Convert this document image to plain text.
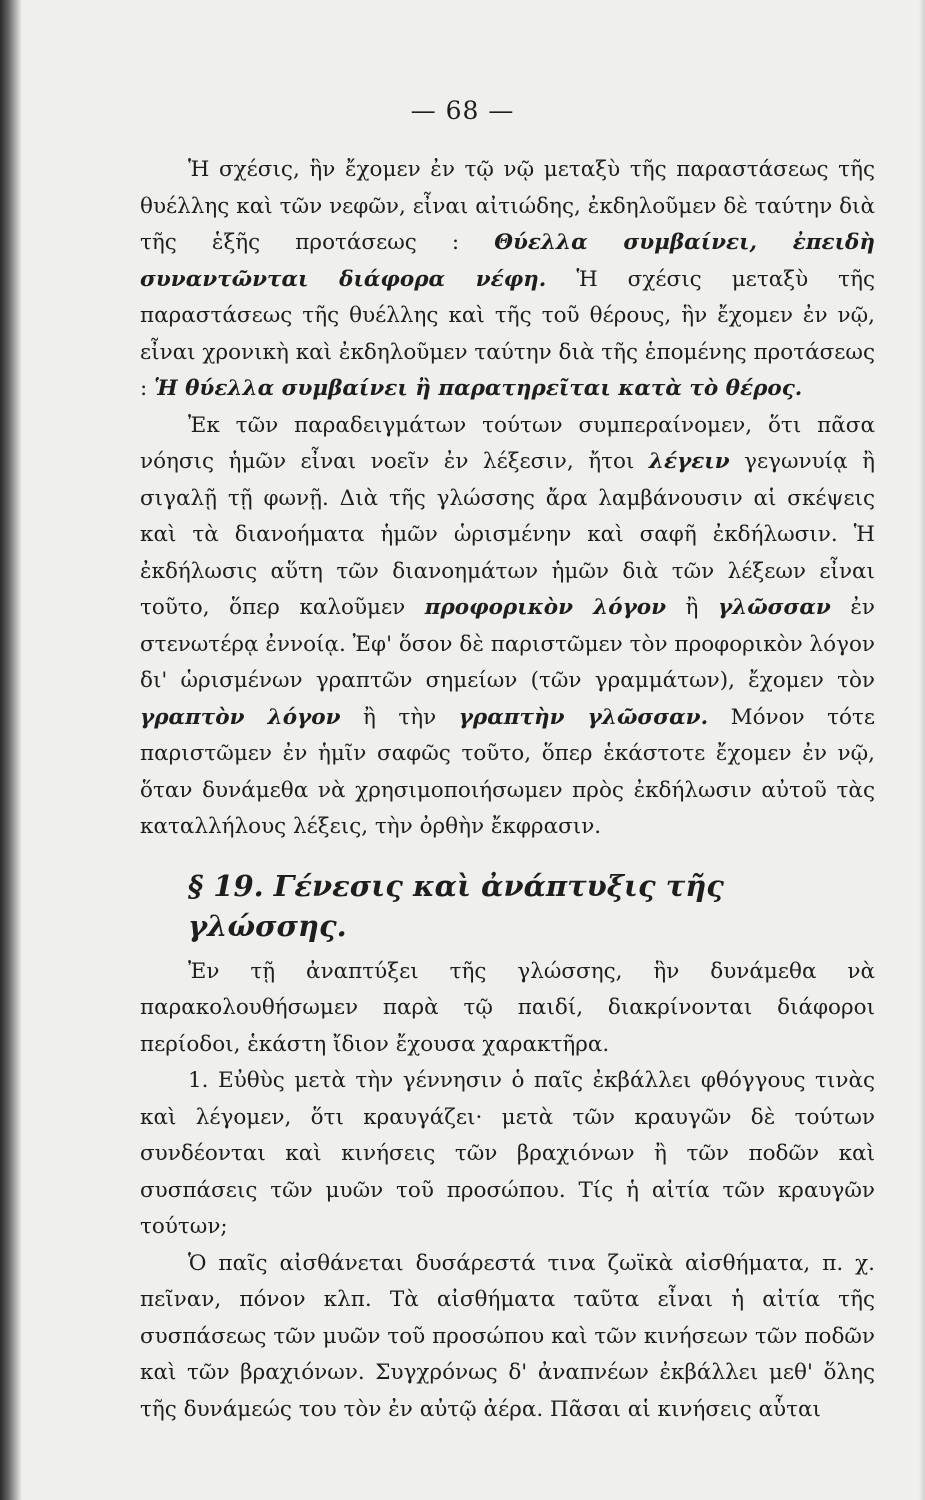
— 68 —

Ἡ σχέσις, ἣν ἔχομεν ἐν τῷ νῷ μεταξὺ τῆς παραστάσεως τῆς θυέλλης καὶ τῶν νεφῶν, εἶναι αἰτιώδης, ἐκδηλοῦμεν δὲ ταύτην διὰ τῆς ἑξῆς προτάσεως : Θύελλα συμβαίνει, ἐπειδὴ συναντῶνται διάφορα νέφη. Ἡ σχέσις μεταξὺ τῆς παραστάσεως τῆς θυέλλης καὶ τῆς τοῦ θέρους, ἣν ἔχομεν ἐν νῷ, εἶναι χρονικὴ καὶ ἐκδηλοῦμεν ταύτην διὰ τῆς ἑπομένης προτάσεως : Ἡ θύελλα συμβαίνει ἢ παρατηρεῖται κατὰ τὸ θέρος.

Ἐκ τῶν παραδειγμάτων τούτων συμπεραίνομεν, ὅτι πᾶσα νόησις ἡμῶν εἶναι νοεῖν ἐν λέξεσιν, ἤτοι λέγειν γεγωνυίᾳ ἢ σιγαλῇ τῇ φωνῇ. Διὰ τῆς γλώσσης ἄρα λαμβάνουσιν αἱ σκέψεις καὶ τὰ διανοήματα ἡμῶν ὡρισμένην καὶ σαφῆ ἐκδήλωσιν. Ἡ ἐκδήλωσις αὕτη τῶν διανοημάτων ἡμῶν διὰ τῶν λέξεων εἶναι τοῦτο, ὅπερ καλοῦμεν προφορικὸν λόγον ἢ γλῶσσαν ἐν στενωτέρᾳ ἐννοίᾳ. Ἐφ' ὅσον δὲ παριστῶμεν τὸν προφορικὸν λόγον δι' ὡρισμένων γραπτῶν σημείων (τῶν γραμμάτων), ἔχομεν τὸν γραπτὸν λόγον ἢ τὴν γραπτὴν γλῶσσαν. Μόνον τότε παριστῶμεν ἐν ἡμῖν σαφῶς τοῦτο, ὅπερ ἑκάστοτε ἔχομεν ἐν νῷ, ὅταν δυνάμεθα νὰ χρησιμοποιήσωμεν πρὸς ἐκδήλωσιν αὐτοῦ τὰς καταλλήλους λέξεις, τὴν ὀρθὴν ἔκφρασιν.

§ 19. Γένεσις καὶ ἀνάπτυξις τῆς γλώσσης.

Ἐν τῇ ἀναπτύξει τῆς γλώσσης, ἣν δυνάμεθα νὰ παρακολουθήσωμεν παρὰ τῷ παιδί, διακρίνονται διάφοροι περίοδοι, ἑκάστη ἴδιον ἔχουσα χαρακτῆρα.

1. Εὐθὺς μετὰ τὴν γέννησιν ὁ παῖς ἐκβάλλει φθόγγους τινὰς καὶ λέγομεν, ὅτι κραυγάζει· μετὰ τῶν κραυγῶν δὲ τούτων συνδέονται καὶ κινήσεις τῶν βραχιόνων ἢ τῶν ποδῶν καὶ συσπάσεις τῶν μυῶν τοῦ προσώπου. Τίς ἡ αἰτία τῶν κραυγῶν τούτων;

Ὁ παῖς αἰσθάνεται δυσάρεστά τινα ζωϊκὰ αἰσθήματα, π. χ. πεῖναν, πόνον κλπ. Τὰ αἰσθήματα ταῦτα εἶναι ἡ αἰτία τῆς συσπάσεως τῶν μυῶν τοῦ προσώπου καὶ τῶν κινήσεων τῶν ποδῶν καὶ τῶν βραχιόνων. Συγχρόνως δ' ἀναπνέων ἐκβάλλει μεθ' ὅλης τῆς δυνάμεώς του τὸν ἐν αὐτῷ ἀέρα. Πᾶσαι αἱ κινήσεις αὗται
